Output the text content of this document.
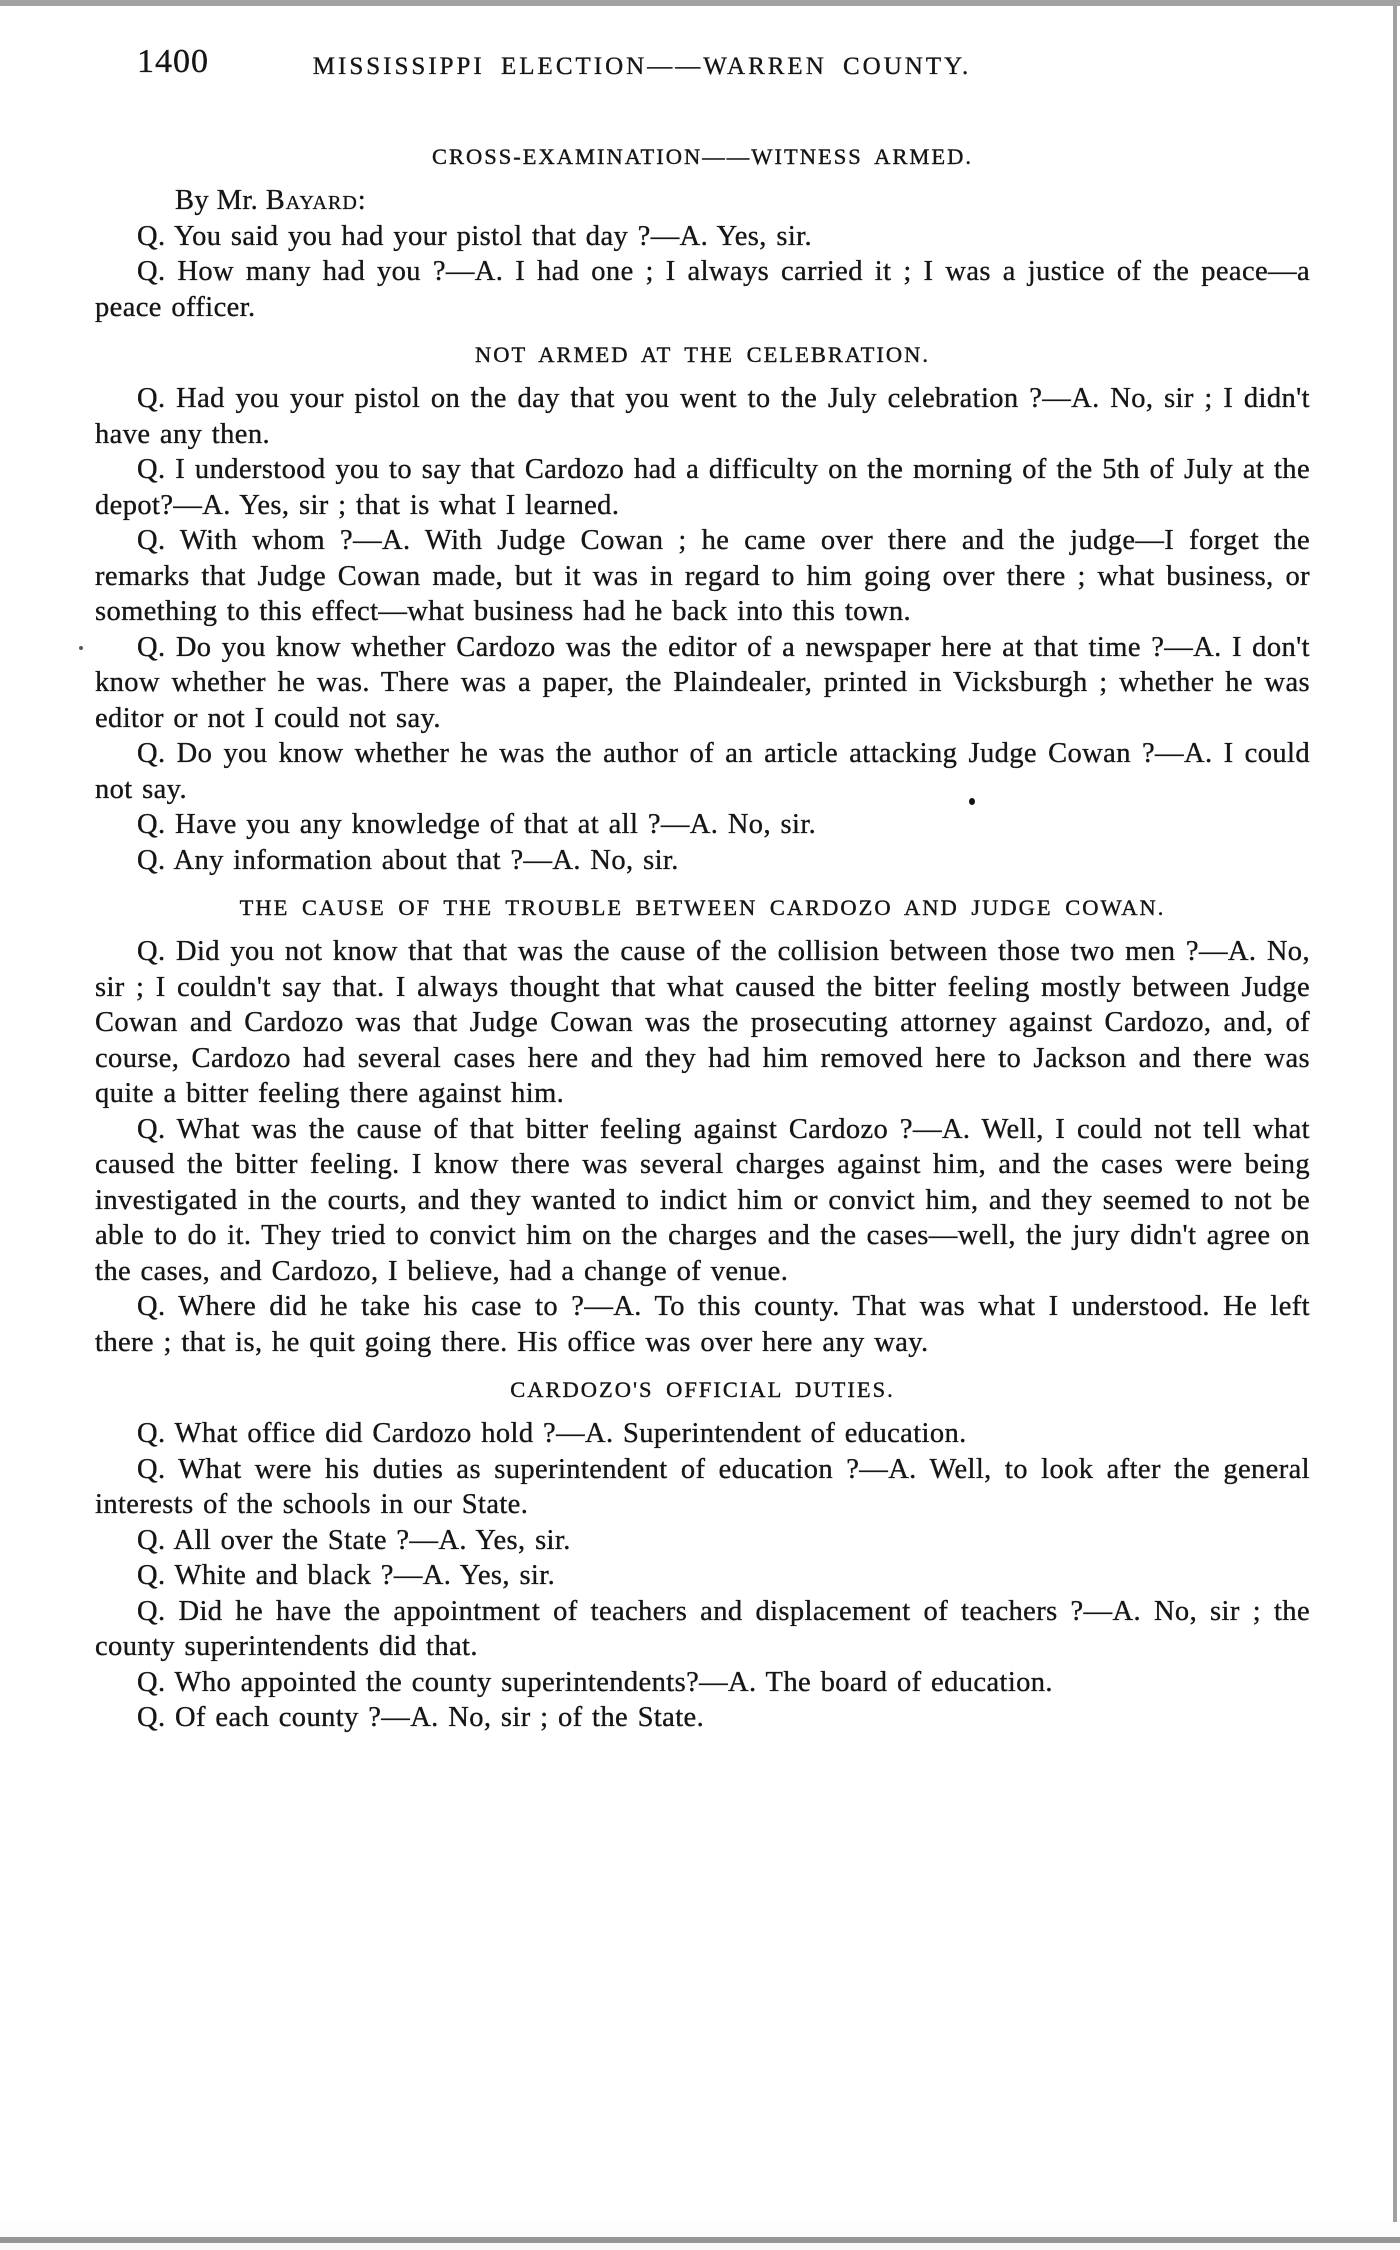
1400	MISSISSIPPI ELECTION——WARREN COUNTY.
CROSS-EXAMINATION——WITNESS ARMED.

By Mr. Bayard:

Q. You said you had your pistol that day ?—A. Yes, sir.

Q. How many had you ?—A. I had one ; I always carried it ; I was a justice of the peace—a peace officer.

NOT ARMED AT THE CELEBRATION.

Q. Had you your pistol on the day that you went to the July celebration ?—A. No, sir ; I didn't have any then.

Q. I understood you to say that Cardozo had a difficulty on the morning of the 5th of July at the depot?—A. Yes, sir ; that is what I learned.

Q. With whom ?—A. With Judge Cowan ; he came over there and the judge—I forget the remarks that Judge Cowan made, but it was in regard to him going over there ; what business, or something to this effect—what business had he back into this town.

Q. Do you know whether Cardozo was the editor of a newspaper here at that time ?—A. I don't know whether he was. There was a paper, the Plaindealer, printed in Vicksburgh ; whether he was editor or not I could not say.

Q. Do you know whether he was the author of an article attacking Judge Cowan ?—A. I could not say.

Q. Have you any knowledge of that at all ?—A. No, sir.

Q. Any information about that ?—A. No, sir.

THE CAUSE OF THE TROUBLE BETWEEN CARDOZO AND JUDGE COWAN.

Q. Did you not know that that was the cause of the collision between those two men ?—A. No, sir ; I couldn't say that. I always thought that what caused the bitter feeling mostly between Judge Cowan and Cardozo was that Judge Cowan was the prosecuting attorney against Cardozo, and, of course, Cardozo had several cases here and they had him removed here to Jackson and there was quite a bitter feeling there against him.

Q. What was the cause of that bitter feeling against Cardozo ?—A. Well, I could not tell what caused the bitter feeling. I know there was several charges against him, and the cases were being investigated in the courts, and they wanted to indict him or convict him, and they seemed to not be able to do it. They tried to convict him on the charges and the cases—well, the jury didn't agree on the cases, and Cardozo, I believe, had a change of venue.

Q. Where did he take his case to ?—A. To this county. That was what I understood. He left there ; that is, he quit going there. His office was over here any way.

CARDOZO'S OFFICIAL DUTIES.

Q. What office did Cardozo hold ?—A. Superintendent of education.

Q. What were his duties as superintendent of education ?—A. Well, to look after the general interests of the schools in our State.

Q. All over the State ?—A. Yes, sir.

Q. White and black ?—A. Yes, sir.

Q. Did he have the appointment of teachers and displacement of teachers ?—A. No, sir ; the county superintendents did that.

Q. Who appointed the county superintendents?—A. The board of education.

Q. Of each county ?—A. No, sir ; of the State.
